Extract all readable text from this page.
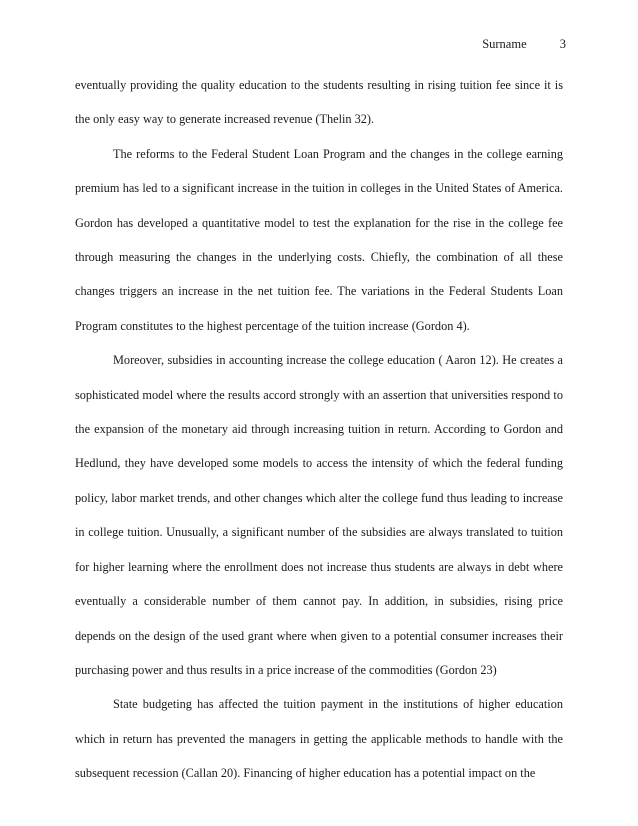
Surname	3

eventually providing the quality education to the students resulting in rising tuition fee since it is the only easy way to generate increased revenue (Thelin 32).

The reforms to the Federal Student Loan Program and the changes in the college earning premium has led to a significant increase in the tuition in colleges in the United States of America. Gordon has developed a quantitative model to test the explanation for the rise in the college fee through measuring the changes in the underlying costs. Chiefly, the combination of all these changes triggers an increase in the net tuition fee. The variations in the Federal Students Loan Program constitutes to the highest percentage of the tuition increase (Gordon 4).

Moreover, subsidies in accounting increase the college education ( Aaron 12). He creates a sophisticated model where the results accord strongly with an assertion that universities respond to the expansion of the monetary aid through increasing tuition in return. According to Gordon and Hedlund, they have developed some models to access the intensity of which the federal funding policy, labor market trends, and other changes which alter the college fund thus leading to increase in college tuition. Unusually, a significant number of the subsidies are always translated to tuition for higher learning where the enrollment does not increase thus students are always in debt where eventually a considerable number of them cannot pay. In addition, in subsidies, rising price depends on the design of the used grant where when given to a potential consumer increases their purchasing power and thus results in a price increase of the commodities (Gordon 23)

State budgeting has affected the tuition payment in the institutions of higher education which in return has prevented the managers in getting the applicable methods to handle with the subsequent recession (Callan 20). Financing of higher education has a potential impact on the
